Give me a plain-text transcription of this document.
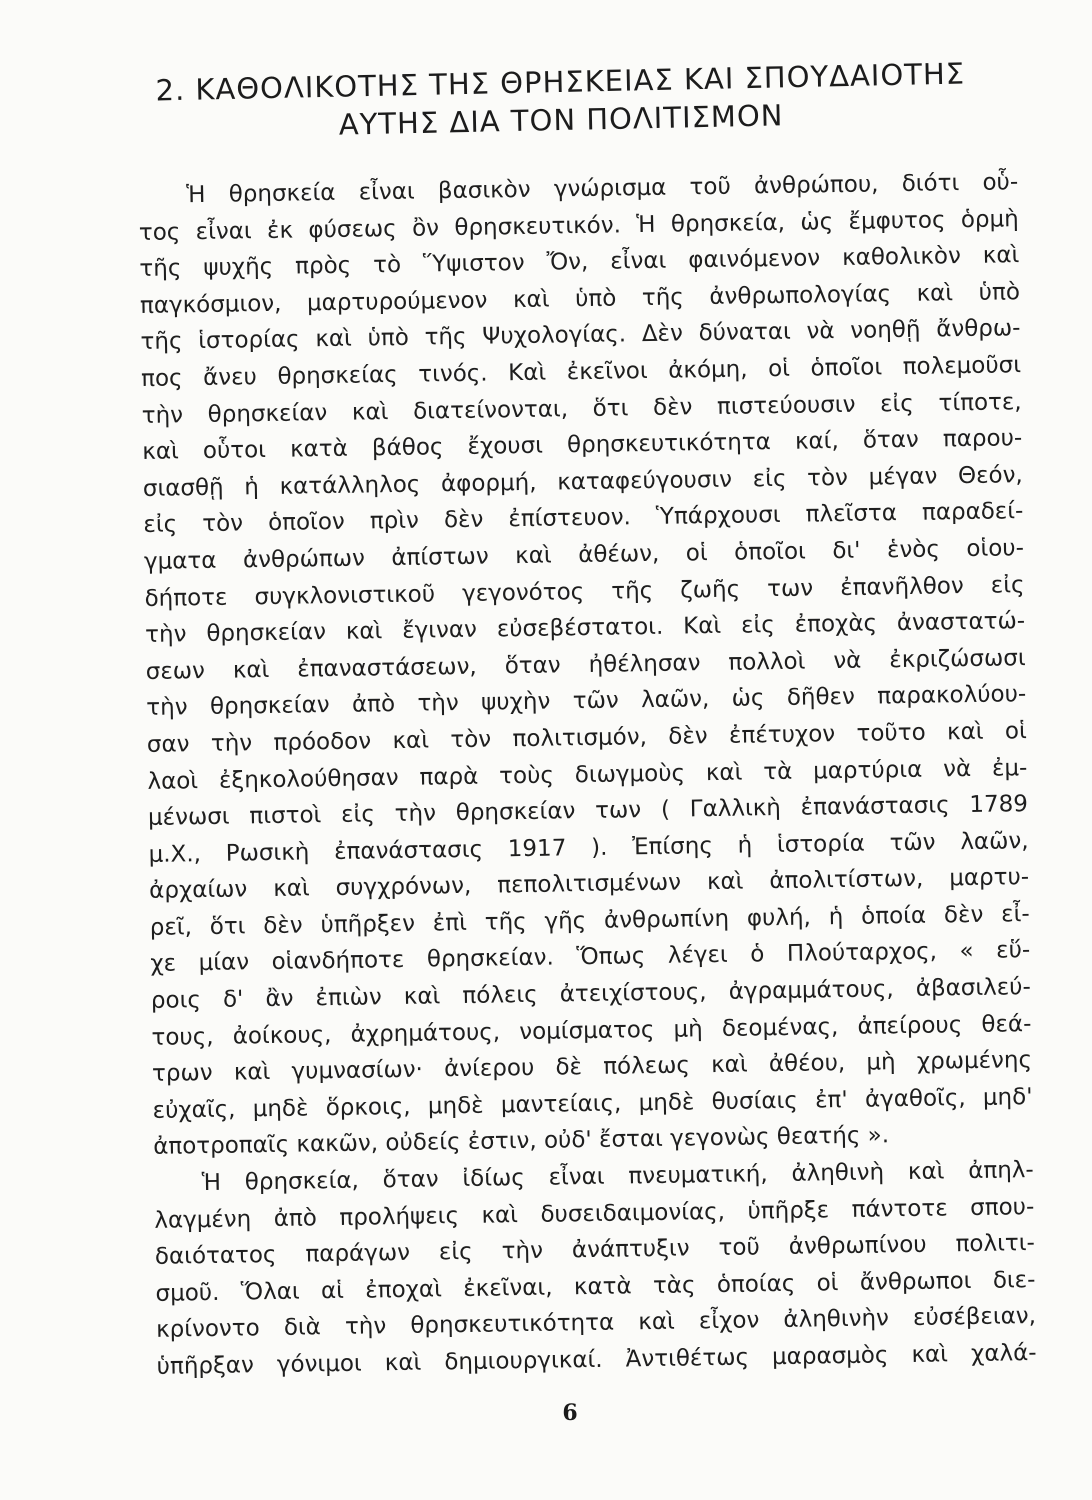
2. ΚΑΘΟΛΙΚΟΤΗΣ ΤΗΣ ΘΡΗΣΚΕΙΑΣ ΚΑΙ ΣΠΟΥΔΑΙΟΤΗΣ
ΑΥΤΗΣ ΔΙΑ ΤΟΝ ΠΟΛΙΤΙΣΜΟΝ
Ἡ θρησκεία εἶναι βασικὸν γνώρισμα τοῦ ἀνθρώπου, διότι οὗ-
τος εἶναι ἐκ φύσεως ὂν θρησκευτικόν. Ἡ θρησκεία, ὡς ἔμφυτος ὁρμὴ
τῆς ψυχῆς πρὸς τὸ Ὕψιστον Ὄν, εἶναι φαινόμενον καθολικὸν καὶ
παγκόσμιον, μαρτυρούμενον καὶ ὑπὸ τῆς ἀνθρωπολογίας καὶ ὑπὸ
τῆς ἱστορίας καὶ ὑπὸ τῆς Ψυχολογίας. Δὲν δύναται νὰ νοηθῇ ἄνθρω-
πος ἄνευ θρησκείας τινός. Καὶ ἐκεῖνοι ἀκόμη, οἱ ὁποῖοι πολεμοῦσι
τὴν θρησκείαν καὶ διατείνονται, ὅτι δὲν πιστεύουσιν εἰς τίποτε,
καὶ οὗτοι κατὰ βάθος ἔχουσι θρησκευτικότητα καί, ὅταν παρου-
σιασθῇ ἡ κατάλληλος ἀφορμή, καταφεύγουσιν εἰς τὸν μέγαν Θεόν,
εἰς τὸν ὁποῖον πρὶν δὲν ἐπίστευον. Ὑπάρχουσι πλεῖστα παραδεί-
γματα ἀνθρώπων ἀπίστων καὶ ἀθέων, οἱ ὁποῖοι δι' ἑνὸς οἱου-
δήποτε συγκλονιστικοῦ γεγονότος τῆς ζωῆς των ἐπανῆλθον εἰς
τὴν θρησκείαν καὶ ἔγιναν εὐσεβέστατοι. Καὶ εἰς ἐποχὰς ἀναστατώ-
σεων καὶ ἐπαναστάσεων, ὅταν ἠθέλησαν πολλοὶ νὰ ἐκριζώσωσι
τὴν θρησκείαν ἀπὸ τὴν ψυχὴν τῶν λαῶν, ὡς δῆθεν παρακολύου-
σαν τὴν πρόοδον καὶ τὸν πολιτισμόν, δὲν ἐπέτυχον τοῦτο καὶ οἱ
λαοὶ ἐξηκολούθησαν παρὰ τοὺς διωγμοὺς καὶ τὰ μαρτύρια νὰ ἐμ-
μένωσι πιστοὶ εἰς τὴν θρησκείαν των ( Γαλλικὴ ἐπανάστασις 1789
μ.Χ., Ρωσικὴ ἐπανάστασις 1917 ). Ἐπίσης ἡ ἱστορία τῶν λαῶν,
ἀρχαίων καὶ συγχρόνων, πεπολιτισμένων καὶ ἀπολιτίστων, μαρτυ-
ρεῖ, ὅτι δὲν ὑπῆρξεν ἐπὶ τῆς γῆς ἀνθρωπίνη φυλή, ἡ ὁποία δὲν εἶ-
χε μίαν οἱανδήποτε θρησκείαν. Ὅπως λέγει ὁ Πλούταρχος, « εὕ-
ροις δ' ἂν ἐπιὼν καὶ πόλεις ἀτειχίστους, ἀγραμμάτους, ἀβασιλεύ-
τους, ἀοίκους, ἀχρημάτους, νομίσματος μὴ δεομένας, ἀπείρους θεά-
τρων καὶ γυμνασίων· ἀνίερου δὲ πόλεως καὶ ἀθέου, μὴ χρωμένης
εὐχαῖς, μηδὲ ὅρκοις, μηδὲ μαντείαις, μηδὲ θυσίαις ἐπ' ἀγαθοῖς, μηδ'
ἀποτροπαῖς κακῶν, οὐδείς ἐστιν, οὐδ' ἔσται γεγονὼς θεατής ».
Ἡ θρησκεία, ὅταν ἰδίως εἶναι πνευματική, ἀληθινὴ καὶ ἀπηλ-
λαγμένη ἀπὸ προλήψεις καὶ δυσειδαιμονίας, ὑπῆρξε πάντοτε σπου-
δαιότατος παράγων εἰς τὴν ἀνάπτυξιν τοῦ ἀνθρωπίνου πολιτι-
σμοῦ. Ὅλαι αἱ ἐποχαὶ ἐκεῖναι, κατὰ τὰς ὁποίας οἱ ἄνθρωποι διε-
κρίνοντο διὰ τὴν θρησκευτικότητα καὶ εἶχον ἀληθινὴν εὐσέβειαν,
ὑπῆρξαν γόνιμοι καὶ δημιουργικαί. Ἀντιθέτως μαρασμὸς καὶ χαλά-
6
